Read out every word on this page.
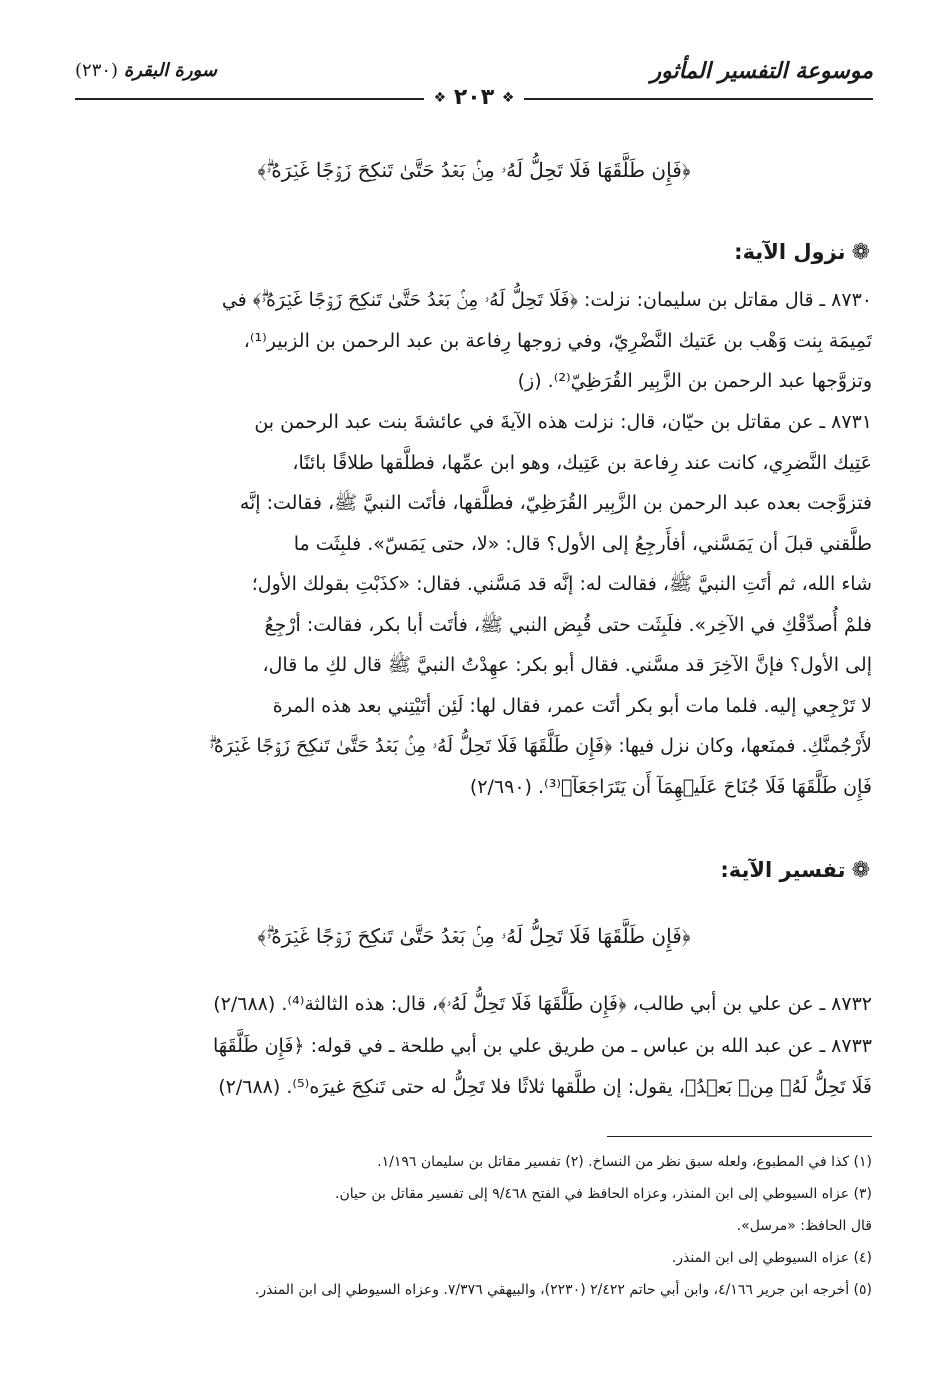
موسوعة التفسير المأثور
سورة البقرة (٢٣٠)
❖ ٢٠٣ ❖
﴿فَإِن طَلَّقَهَا فَلَا تَحِلُّ لَهُۥ مِنۢ بَعۡدُ حَتَّىٰ تَنكِحَ زَوۡجًا غَيۡرَهُۥۗ﴾
❁نزول الآية:
٨٧٣٠ ـ قال مقاتل بن سليمان: نزلت: ﴿فَلَا تَحِلُّ لَهُۥ مِنۢ بَعۡدُ حَتَّىٰ تَنكِحَ زَوۡجًا غَيۡرَهُۥۗ﴾ في
تَمِيمَة بِنت وَهْب بن عَتيك النَّضْرِيّ، وفي زوجها رِفاعة بن عبد الرحمن بن الزبير⁽¹⁾،
وتزوَّجها عبد الرحمن بن الزَّبِير القُرَظِيّ⁽²⁾. (ز)
٨٧٣١ ـ عن مقاتل بن حيّان، قال: نزلت هذه الآيةَ في عائشةَ بنت عبد الرحمن بن
عَتِيك النَّضرِي، كانت عند رِفاعة بن عَتِيك، وهو ابن عمِّها، فطلَّقها طلاقًا بائنًا،
فتزوَّجت بعده عبد الرحمن بن الزَّبِير القُرَظِيّ، فطلَّقها، فأتَت النبيَّ ﷺ، فقالت: إنَّه
طلَّقني قبلَ أن يَمَسَّني، أفأَرجِعُ إلى الأول؟ قال: «لا، حتى يَمَسّ». فلبِثَت ما
شاء الله، ثم أتَتِ النبيَّ ﷺ، فقالت له: إنَّه قد مَسَّني. فقال: «كذَبْتِ بقولك الأول؛
فلمْ أُصدِّقْكِ في الآخِر». فلَبِثَت حتى قُبِض النبي ﷺ، فأتَت أبا بكر، فقالت: أرْجِعُ
إلى الأول؟ فإنَّ الآخِرَ قد مسَّني. فقال أبو بكر: عهِدْتُ النبيَّ ﷺ قال لكِ ما قال،
لا تَرْجِعي إليه. فلما مات أبو بكر أتَت عمر، فقال لها: لَئِن أتَيْتِني بعد هذه المرة
لأَرْجُمنَّكِ. فمنَعها، وكان نزل فيها: ﴿فَإِن طَلَّقَهَا فَلَا تَحِلُّ لَهُۥ مِنۢ بَعۡدُ حَتَّىٰ تَنكِحَ زَوۡجًا غَيۡرَهُۥۗ
فَإِن طَلَّقَهَا فَلَا جُنَاحَ عَلَيۡهِمَآ أَن يَتَرَاجَعَآ﴾⁽³⁾. (٢/٦٩٠)
❁تفسير الآية:
﴿فَإِن طَلَّقَهَا فَلَا تَحِلُّ لَهُۥ مِنۢ بَعۡدُ حَتَّىٰ تَنكِحَ زَوۡجًا غَيۡرَهُۥۗ﴾
٨٧٣٢ ـ عن علي بن أبي طالب، ﴿فَإِن طَلَّقَهَا فَلَا تَحِلُّ لَهُۥ﴾، قال: هذه الثالثة⁽⁴⁾. (٢/٦٨٨)
٨٧٣٣ ـ عن عبد الله بن عباس ـ من طريق علي بن أبي طلحة ـ في قوله: ﴿فَإِن طَلَّقَهَا
فَلَا تَحِلُّ لَهُۥ مِنۢ بَعۡدُ﴾، يقول: إن طلَّقها ثلاثًا فلا تَحِلُّ له حتى تَنكِحَ غيرَه⁽⁵⁾. (٢/٦٨٨)
(١) كذا في المطبوع، ولعله سبق نظر من النساخ. (٢) تفسير مقاتل بن سليمان ١/١٩٦.
(٣) عزاه السيوطي إلى ابن المنذر، وعزاه الحافظ في الفتح ٩/٤٦٨ إلى تفسير مقاتل بن حيان.
قال الحافظ: «مرسل».
(٤) عزاه السيوطي إلى ابن المنذر.
(٥) أخرجه ابن جرير ٤/١٦٦، وابن أبي حاتم ٢/٤٢٢ (٢٢٣٠)، والبيهقي ٧/٣٧٦. وعزاه السيوطي إلى ابن المنذر.
